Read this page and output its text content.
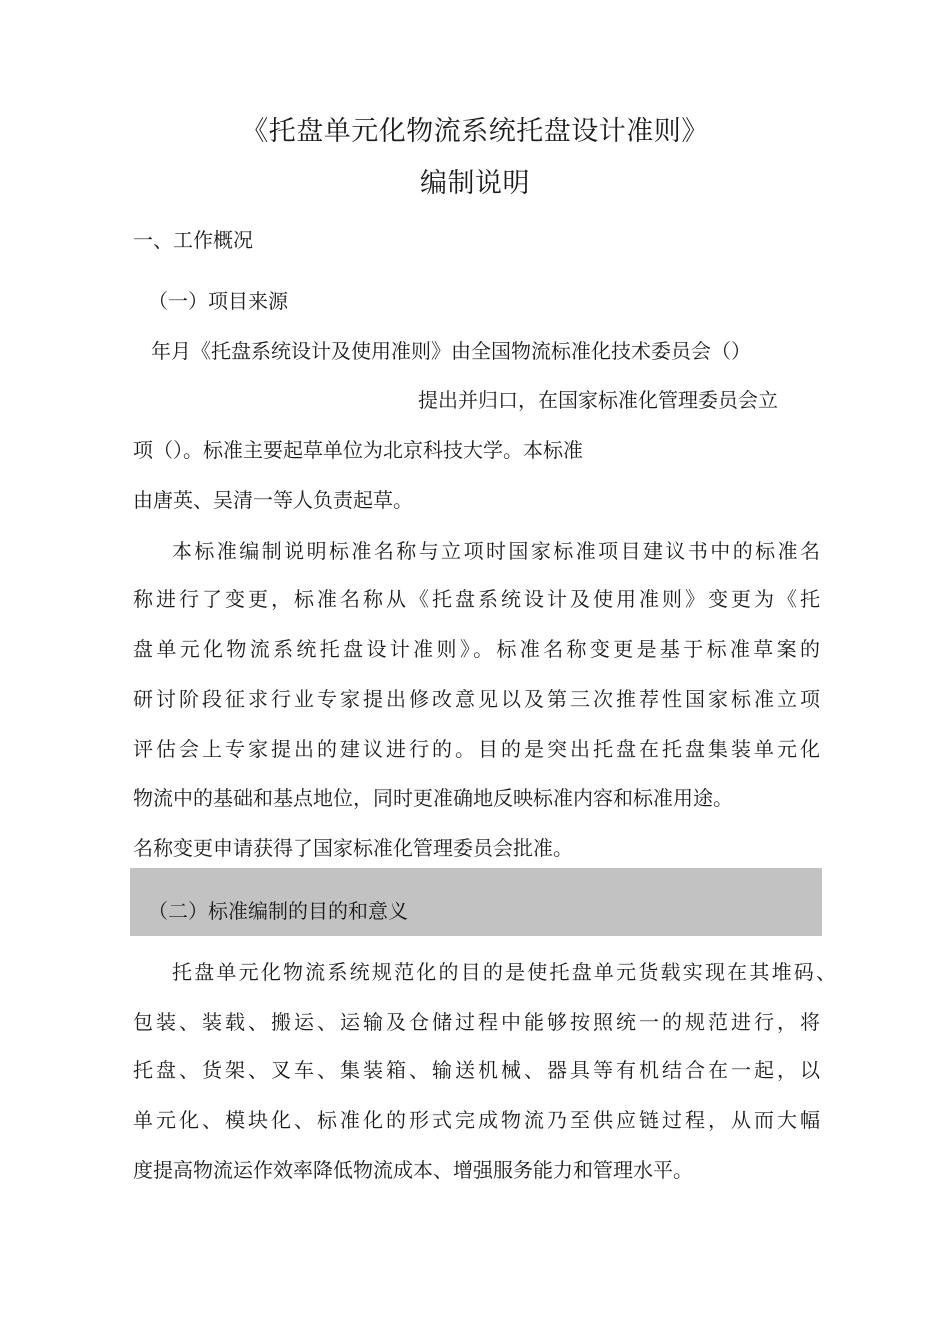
《托盘单元化物流系统托盘设计准则》
编制说明
一、工作概况
（一）项目来源
年月《托盘系统设计及使用准则》由全国物流标准化技术委员会（）
提出并归口，在国家标准化管理委员会立
项（）。标准主要起草单位为北京科技大学。本标准
由唐英、吴清一等人负责起草。
本标准编制说明标准名称与立项时国家标准项目建议书中的标准名
称进行了变更，标准名称从《托盘系统设计及使用准则》变更为《托
盘单元化物流系统托盘设计准则》。标准名称变更是基于标准草案的
研讨阶段征求行业专家提出修改意见以及第三次推荐性国家标准立项
评估会上专家提出的建议进行的。目的是突出托盘在托盘集装单元化
物流中的基础和基点地位，同时更准确地反映标准内容和标准用途。
名称变更申请获得了国家标准化管理委员会批准。
（二）标准编制的目的和意义
托盘单元化物流系统规范化的目的是使托盘单元货载实现在其堆码、
包装、装载、搬运、运输及仓储过程中能够按照统一的规范进行，将
托盘、货架、叉车、集装箱、输送机械、器具等有机结合在一起，以
单元化、模块化、标准化的形式完成物流乃至供应链过程，从而大幅
度提高物流运作效率降低物流成本、增强服务能力和管理水平。
